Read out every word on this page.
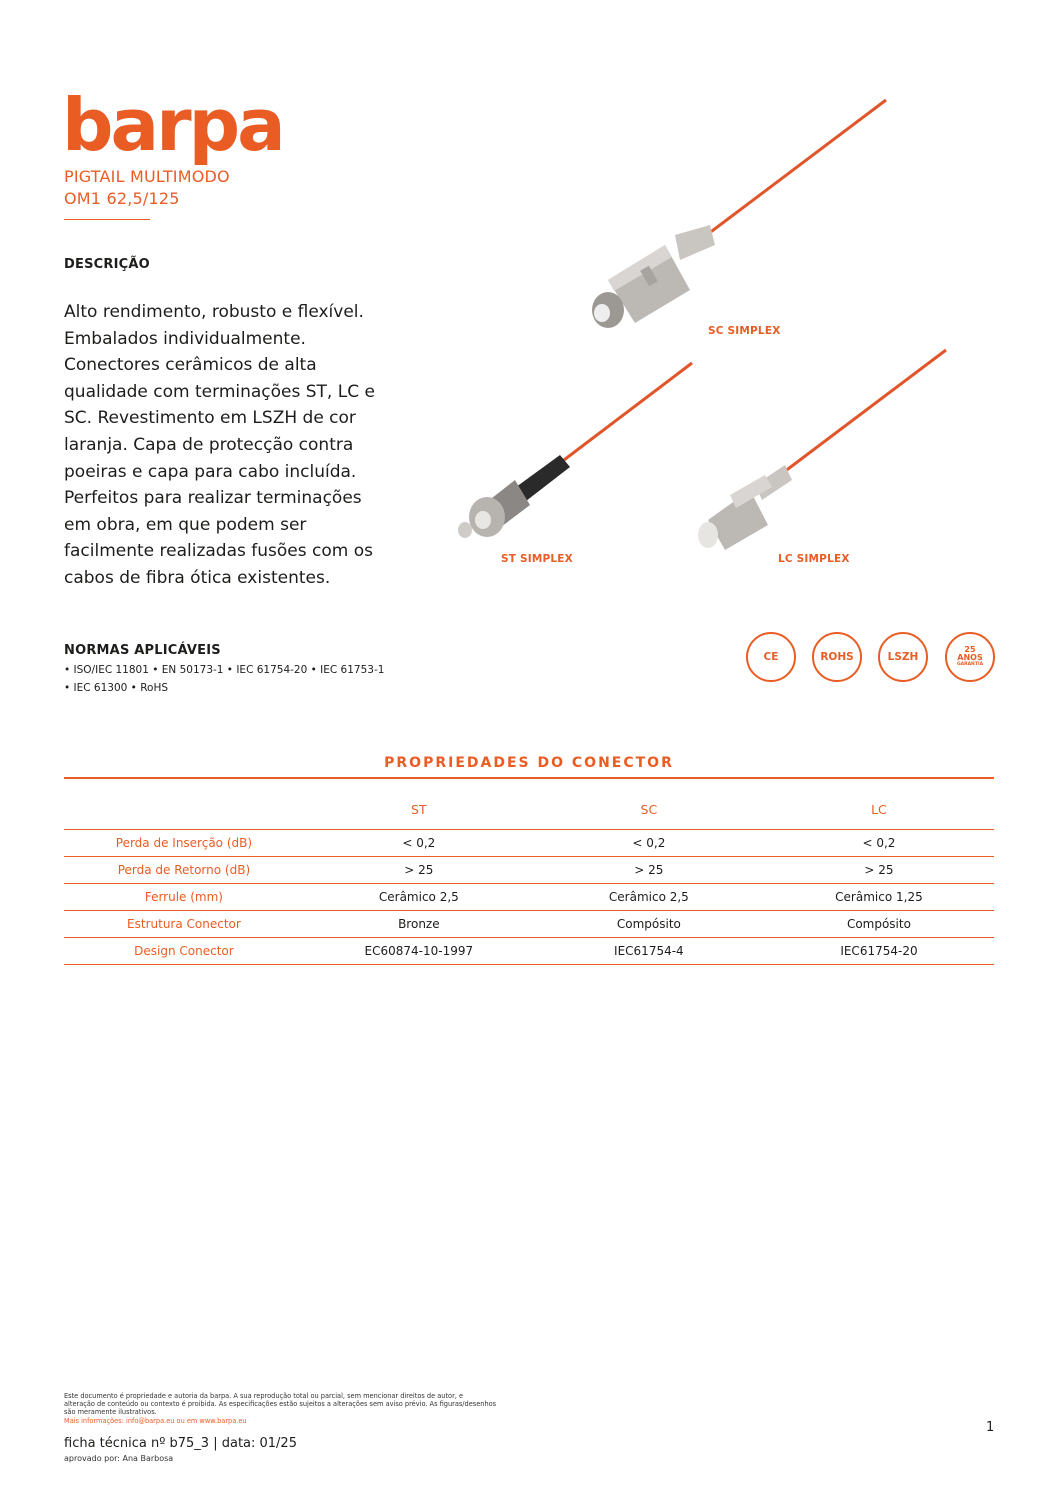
barpa
PIGTAIL MULTIMODO
OM1 62,5/125
DESCRIÇÃO
Alto rendimento, robusto e flexível. Embalados individualmente. Conectores cerâmicos de alta qualidade com terminações ST, LC e SC. Revestimento em LSZH de cor laranja. Capa de protecção contra poeiras e capa para cabo incluída. Perfeitos para realizar terminações em obra, em que podem ser facilmente realizadas fusões com os cabos de fibra ótica existentes.
SC SIMPLEX
ST SIMPLEX	LC SIMPLEX
NORMAS APLICÁVEIS
• ISO/IEC 11801 • EN 50173-1 • IEC 61754-20 • IEC 61753-1
• IEC 61300 • RoHS
CE	ROHS	LSZH
25
ANOS
GARANTIA
PROPRIEDADES DO CONECTOR
	ST	SC	LC
Perda de Inserção (dB)	< 0,2	< 0,2	< 0,2
Perda de Retorno (dB)	> 25	> 25	> 25
Ferrule (mm)	Cerâmico 2,5	Cerâmico 2,5	Cerâmico 1,25
Estrutura Conector	Bronze	Compósito	Compósito
Design Conector	EC60874-10-1997	IEC61754-4	IEC61754-20
Este documento é propriedade e autoria da barpa. A sua reprodução total ou parcial, sem mencionar direitos de autor, e
alteração de conteúdo ou contexto é proibida. As especificações estão sujeitos a alterações sem aviso prévio. As figuras/desenhos
são meramente ilustrativos.
Mais informações: info@barpa.eu ou em www.barpa.eu
ficha técnica nº b75_3 | data: 01/25
aprovado por: Ana Barbosa
1
